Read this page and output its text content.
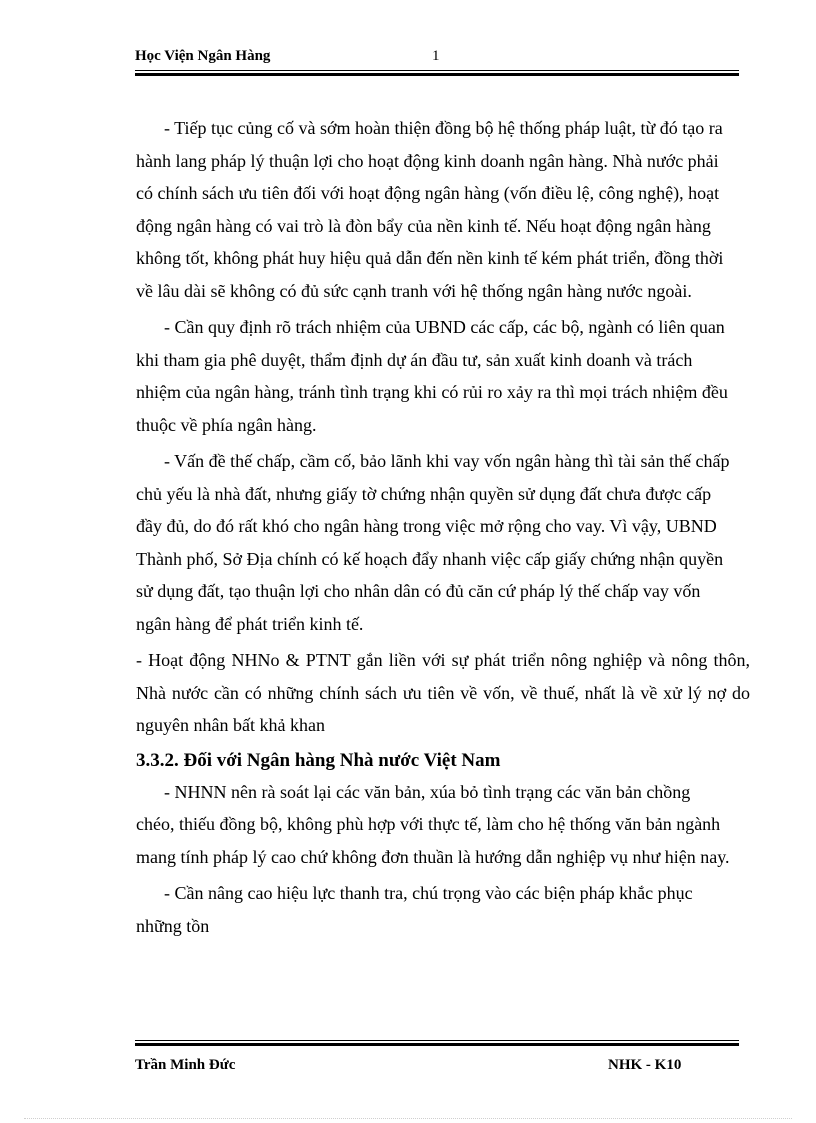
Học Viện Ngân Hàng	1

- Tiếp tục củng cố và sớm hoàn thiện đồng bộ hệ thống pháp luật, từ đó tạo ra hành lang pháp lý thuận lợi cho hoạt động kinh doanh ngân hàng. Nhà nước phải có chính sách ưu tiên đối với hoạt động ngân hàng (vốn điều lệ, công nghệ), hoạt động ngân hàng có vai trò là đòn bẩy của nền kinh tế. Nếu hoạt động ngân hàng không tốt, không phát huy hiệu quả dẫn đến nền kinh tế kém phát triển, đồng thời về lâu dài sẽ không có đủ sức cạnh tranh với hệ thống ngân hàng nước ngoài.

- Cần quy định rõ trách nhiệm của UBND các cấp, các bộ, ngành có liên quan khi tham gia phê duyệt, thẩm định dự án đầu tư, sản xuất kinh doanh và trách nhiệm của ngân hàng, tránh tình trạng khi có rủi ro xảy ra thì mọi trách nhiệm đều thuộc về phía ngân hàng.

- Vấn đề thế chấp, cầm cố, bảo lãnh khi vay vốn ngân hàng thì tài sản thế chấp chủ yếu là nhà đất, nhưng giấy tờ chứng nhận quyền sử dụng đất chưa được cấp đầy đủ, do đó rất khó cho ngân hàng trong việc mở rộng cho vay. Vì vậy, UBND Thành phố, Sở Địa chính có kế hoạch đẩy nhanh việc cấp giấy chứng nhận quyền sử dụng đất, tạo thuận lợi cho nhân dân có đủ căn cứ pháp lý thế chấp vay vốn ngân hàng để phát triển kinh tế.

- Hoạt động NHNo & PTNT gắn liền với sự phát triển nông nghiệp và nông thôn, Nhà nước cần có những chính sách ưu tiên về vốn, về thuế, nhất là về xử lý nợ do nguyên nhân bất khả khan

3.3.2. Đối với Ngân hàng Nhà nước Việt Nam

- NHNN nên rà soát lại các văn bản, xúa bỏ tình trạng các văn bản chồng chéo, thiếu đồng bộ, không phù hợp với thực tế, làm cho hệ thống văn bản ngành mang tính pháp lý cao chứ không đơn thuần là hướng dẫn nghiệp vụ như hiện nay.

- Cần nâng cao hiệu lực thanh tra, chú trọng vào các biện pháp khắc phục những tồn

Trần Minh Đức	NHK - K10
